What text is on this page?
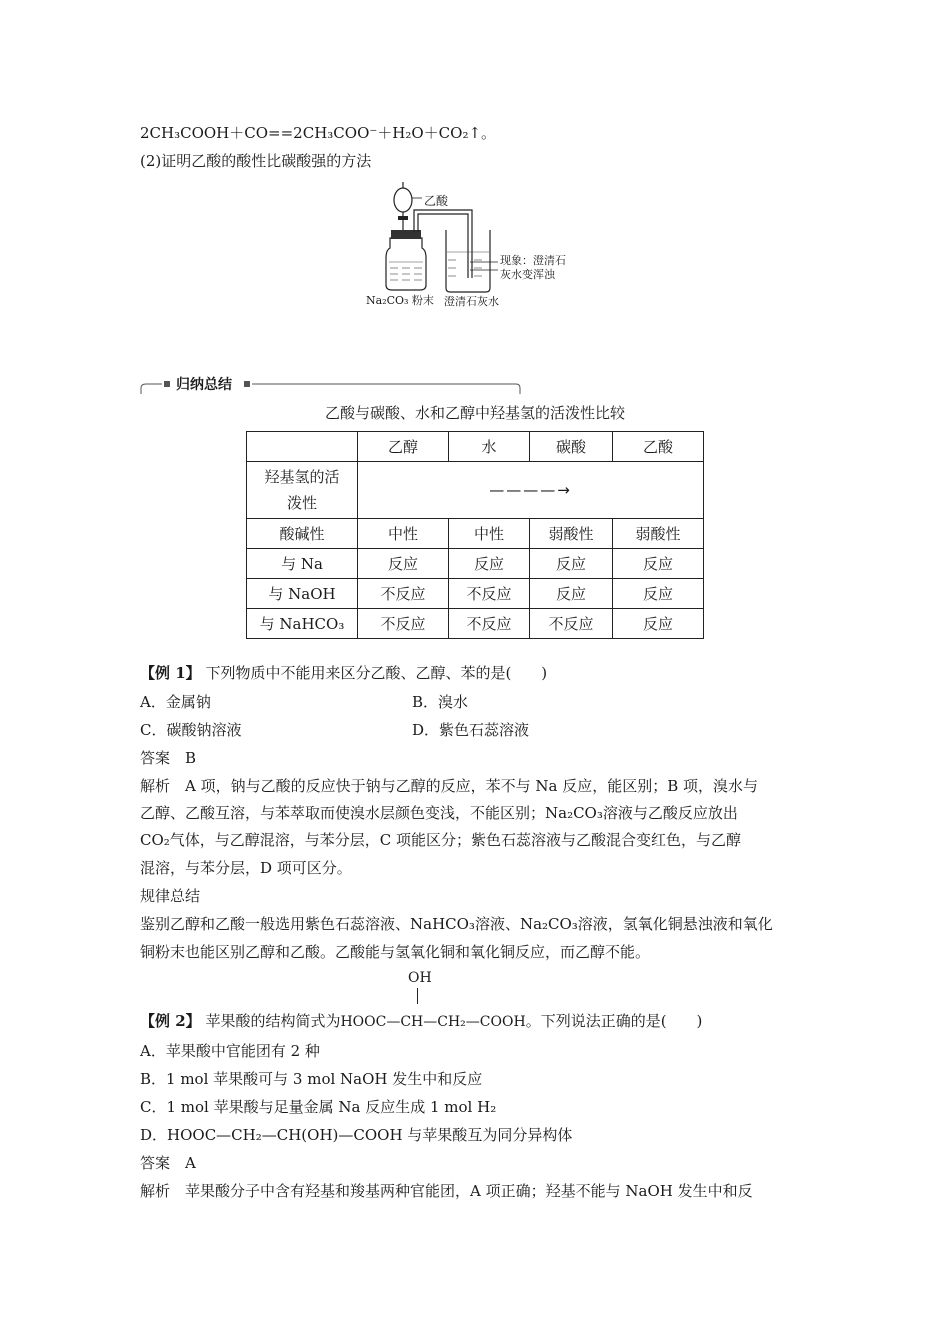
2CH₃COOH＋CO==2CH₃COO⁻＋H₂O＋CO₂↑。
(2)证明乙酸的酸性比碳酸强的方法
乙酸
现象：澄清石
灰水变浑浊
Na₂CO₃ 粉末 澄清石灰水
归纳总结
乙酸与碳酸、水和乙醇中羟基氢的活泼性比较
	乙醇	水	碳酸	乙酸
羟基氢的活
泼性	————→			
酸碱性	中性	中性	弱酸性	弱酸性
与 Na	反应	反应	反应	反应
与 NaOH	不反应	不反应	反应	反应
与 NaHCO₃	不反应	不反应	不反应	反应
【例 1】 下列物质中不能用来区分乙酸、乙醇、苯的是(　　)
A．金属钠	B．溴水
C．碳酸钠溶液	D．紫色石蕊溶液
答案　B
解析　A 项，钠与乙酸的反应快于钠与乙醇的反应，苯不与 Na 反应，能区别；B 项，溴水与
乙醇、乙酸互溶，与苯萃取而使溴水层颜色变浅，不能区别；Na₂CO₃溶液与乙酸反应放出
CO₂气体，与乙醇混溶，与苯分层，C 项能区分；紫色石蕊溶液与乙酸混合变红色，与乙醇
混溶，与苯分层，D 项可区分。
规律总结
鉴别乙醇和乙酸一般选用紫色石蕊溶液、NaHCO₃溶液、Na₂CO₃溶液，氢氧化铜悬浊液和氧化
铜粉末也能区别乙醇和乙酸。乙酸能与氢氧化铜和氧化铜反应，而乙醇不能。
OH
【例 2】 苹果酸的结构简式为HOOC—CH—CH₂—COOH。下列说法正确的是(　　)
A．苹果酸中官能团有 2 种
B．1 mol 苹果酸可与 3 mol NaOH 发生中和反应
C．1 mol 苹果酸与足量金属 Na 反应生成 1 mol H₂
D．HOOC—CH₂—CH(OH)—COOH 与苹果酸互为同分异构体
答案　A
解析　苹果酸分子中含有羟基和羧基两种官能团，A 项正确；羟基不能与 NaOH 发生中和反
